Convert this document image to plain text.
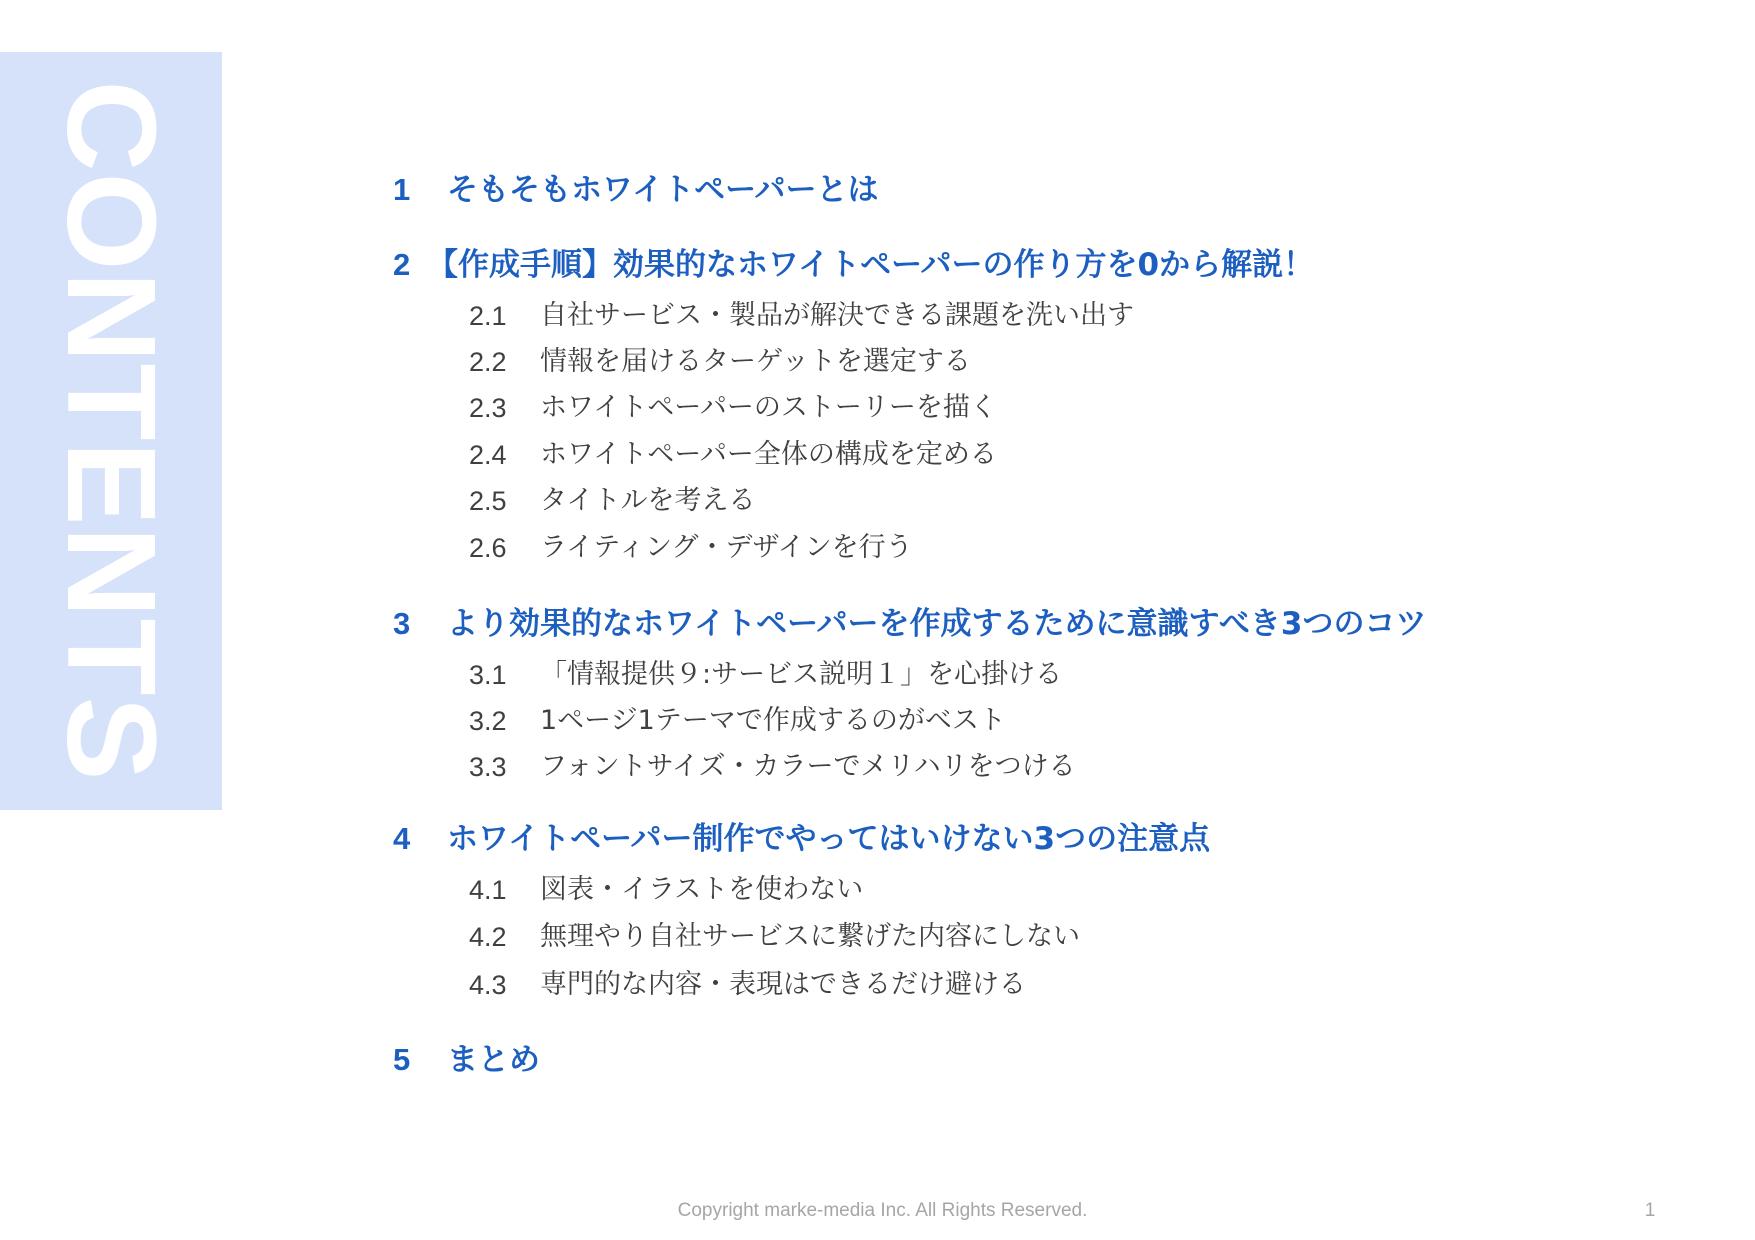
CONTENTS	1 そもそもホワイトペーパーとは
2 【作成手順】効果的なホワイトペーパーの作り方を0から解説！
2.1 自社サービス・製品が解決できる課題を洗い出す
2.2 情報を届けるターゲットを選定する
2.3 ホワイトペーパーのストーリーを描く
2.4 ホワイトペーパー全体の構成を定める
2.5 タイトルを考える
2.6 ライティング・デザインを行う
3 より効果的なホワイトペーパーを作成するために意識すべき3つのコツ
3.1 「情報提供９:サービス説明１」を心掛ける
3.2 1ページ1テーマで作成するのがベスト
3.3 フォントサイズ・カラーでメリハリをつける
4 ホワイトペーパー制作でやってはいけない3つの注意点
4.1 図表・イラストを使わない
4.2 無理やり自社サービスに繋げた内容にしない
4.3 専門的な内容・表現はできるだけ避ける
5 まとめ
Copyright marke-media Inc. All Rights Reserved.	1
